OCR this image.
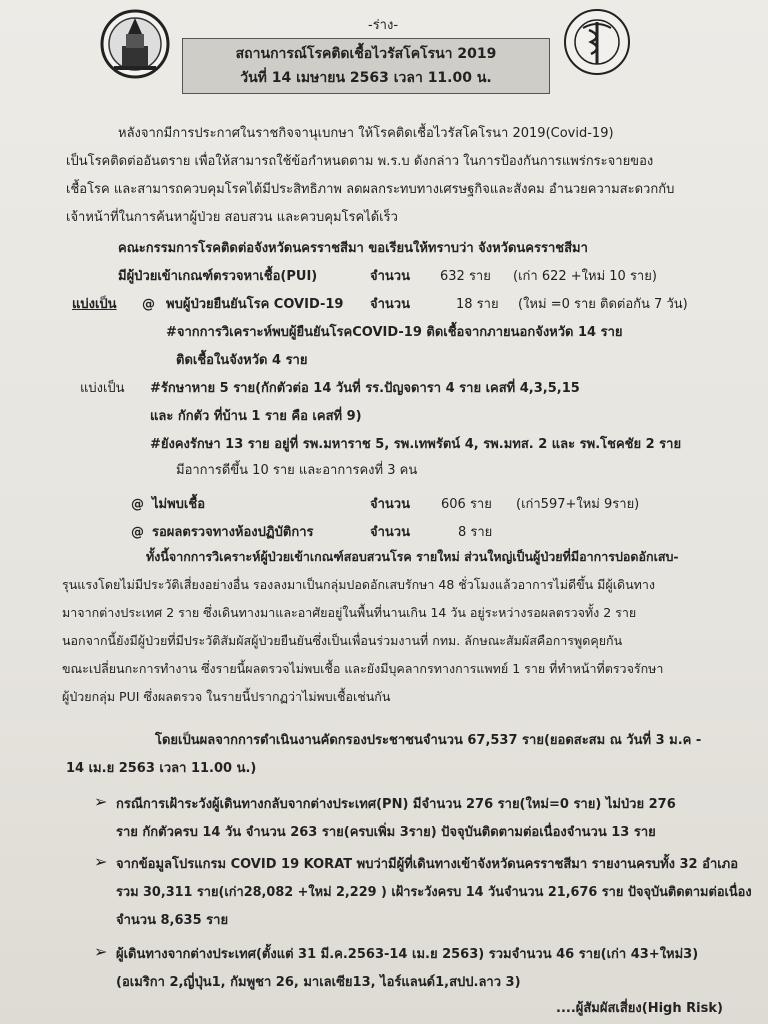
-ร่าง-
สถานการณ์โรคติดเชื้อไวรัสโคโรนา 2019
วันที่ 14 เมษายน 2563 เวลา 11.00 น.
หลังจากมีการประกาศในราชกิจจานุเบกษา ให้โรคติดเชื้อไวรัสโคโรนา 2019(Covid-19)
เป็นโรคติดต่ออันตราย เพื่อให้สามารถใช้ข้อกำหนดตาม พ.ร.บ ดังกล่าว ในการป้องกันการแพร่กระจายของ
เชื้อโรค และสามารถควบคุมโรคได้มีประสิทธิภาพ ลดผลกระทบทางเศรษฐกิจและสังคม อำนวยความสะดวกกับ
เจ้าหน้าที่ในการค้นหาผู้ป่วย สอบสวน และควบคุมโรคได้เร็ว
คณะกรรมการโรคติดต่อจังหวัดนครราชสีมา ขอเรียนให้ทราบว่า จังหวัดนครราชสีมา
มีผู้ป่วยเข้าเกณฑ์ตรวจหาเชื้อ(PUI)	จำนวน 632 ราย (เก่า 622 +ใหม่ 10 ราย)
แบ่งเป็น @ พบผู้ป่วยยืนยันโรค COVID-19 จำนวน	18 ราย (ใหม่ =0 ราย ติดต่อกัน 7 วัน)
#จากการวิเคราะห์พบผู้ยืนยันโรคCOVID-19 ติดเชื้อจากภายนอกจังหวัด 14 ราย
ติดเชื้อในจังหวัด 4 ราย
แบ่งเป็น #รักษาหาย 5 ราย(กักตัวต่อ 14 วันที่ รร.ปัญจดารา 4 ราย เคสที่ 4,3,5,15
และ กักตัว ที่บ้าน 1 ราย คือ เคสที่ 9)
#ยังคงรักษา 13 ราย อยู่ที่ รพ.มหาราช 5, รพ.เทพรัตน์ 4, รพ.มทส. 2 และ รพ.โชคชัย 2 ราย
มีอาการดีขึ้น 10 ราย และอาการคงที่ 3 คน
@ ไม่พบเชื้อ	จำนวน 606 ราย (เก่า597+ใหม่ 9ราย)
@ รอผลตรวจทางห้องปฏิบัติการ	จำนวน	8 ราย
ทั้งนี้จากการวิเคราะห์ผู้ป่วยเข้าเกณฑ์สอบสวนโรค รายใหม่ ส่วนใหญ่เป็นผู้ป่วยที่มีอาการปอดอักเสบ-
รุนแรงโดยไม่มีประวัติเสี่ยงอย่างอื่น รองลงมาเป็นกลุ่มปอดอักเสบรักษา 48 ชั่วโมงแล้วอาการไม่ดีขึ้น มีผู้เดินทาง
มาจากต่างประเทศ 2 ราย ซึ่งเดินทางมาและอาศัยอยู่ในพื้นที่นานเกิน 14 วัน อยู่ระหว่างรอผลตรวจทั้ง 2 ราย
นอกจากนี้ยังมีผู้ป่วยที่มีประวัติสัมผัสผู้ป่วยยืนยันซึ่งเป็นเพื่อนร่วมงานที่ กทม. ลักษณะสัมผัสคือการพูดคุยกัน
ขณะเปลี่ยนกะการทำงาน ซึ่งรายนี้ผลตรวจไม่พบเชื้อ และยังมีบุคลากรทางการแพทย์ 1 ราย ที่ทำหน้าที่ตรวจรักษา
ผู้ป่วยกลุ่ม PUI ซึ่งผลตรวจ ในรายนี้ปรากฏว่าไม่พบเชื้อเช่นกัน
โดยเป็นผลจากการดำเนินงานคัดกรองประชาชนจำนวน 67,537 ราย(ยอดสะสม ณ วันที่ 3 ม.ค -
14 เม.ย 2563 เวลา 11.00 น.)
➢ กรณีการเฝ้าระวังผู้เดินทางกลับจากต่างประเทศ(PN) มีจำนวน 276 ราย(ใหม่=0 ราย) ไม่ป่วย 276
ราย กักตัวครบ 14 วัน จำนวน 263 ราย(ครบเพิ่ม 3ราย) ปัจจุบันติดตามต่อเนื่องจำนวน 13 ราย
➢ จากข้อมูลโปรแกรม COVID 19 KORAT พบว่ามีผู้ที่เดินทางเข้าจังหวัดนครราชสีมา รายงานครบทั้ง 32 อำเภอ
รวม 30,311 ราย(เก่า28,082 +ใหม่ 2,229 ) เฝ้าระวังครบ 14 วันจำนวน 21,676 ราย ปัจจุบันติดตามต่อเนื่อง
จำนวน 8,635 ราย
➢ ผู้เดินทางจากต่างประเทศ(ตั้งแต่ 31 มี.ค.2563-14 เม.ย 2563) รวมจำนวน 46 ราย(เก่า 43+ใหม่3)
(อเมริกา 2,ญี่ปุ่น1, กัมพูชา 26, มาเลเซีย13, ไอร์แลนด์1,สปป.ลาว 3)
....ผู้สัมผัสเสี่ยง(High Risk)
